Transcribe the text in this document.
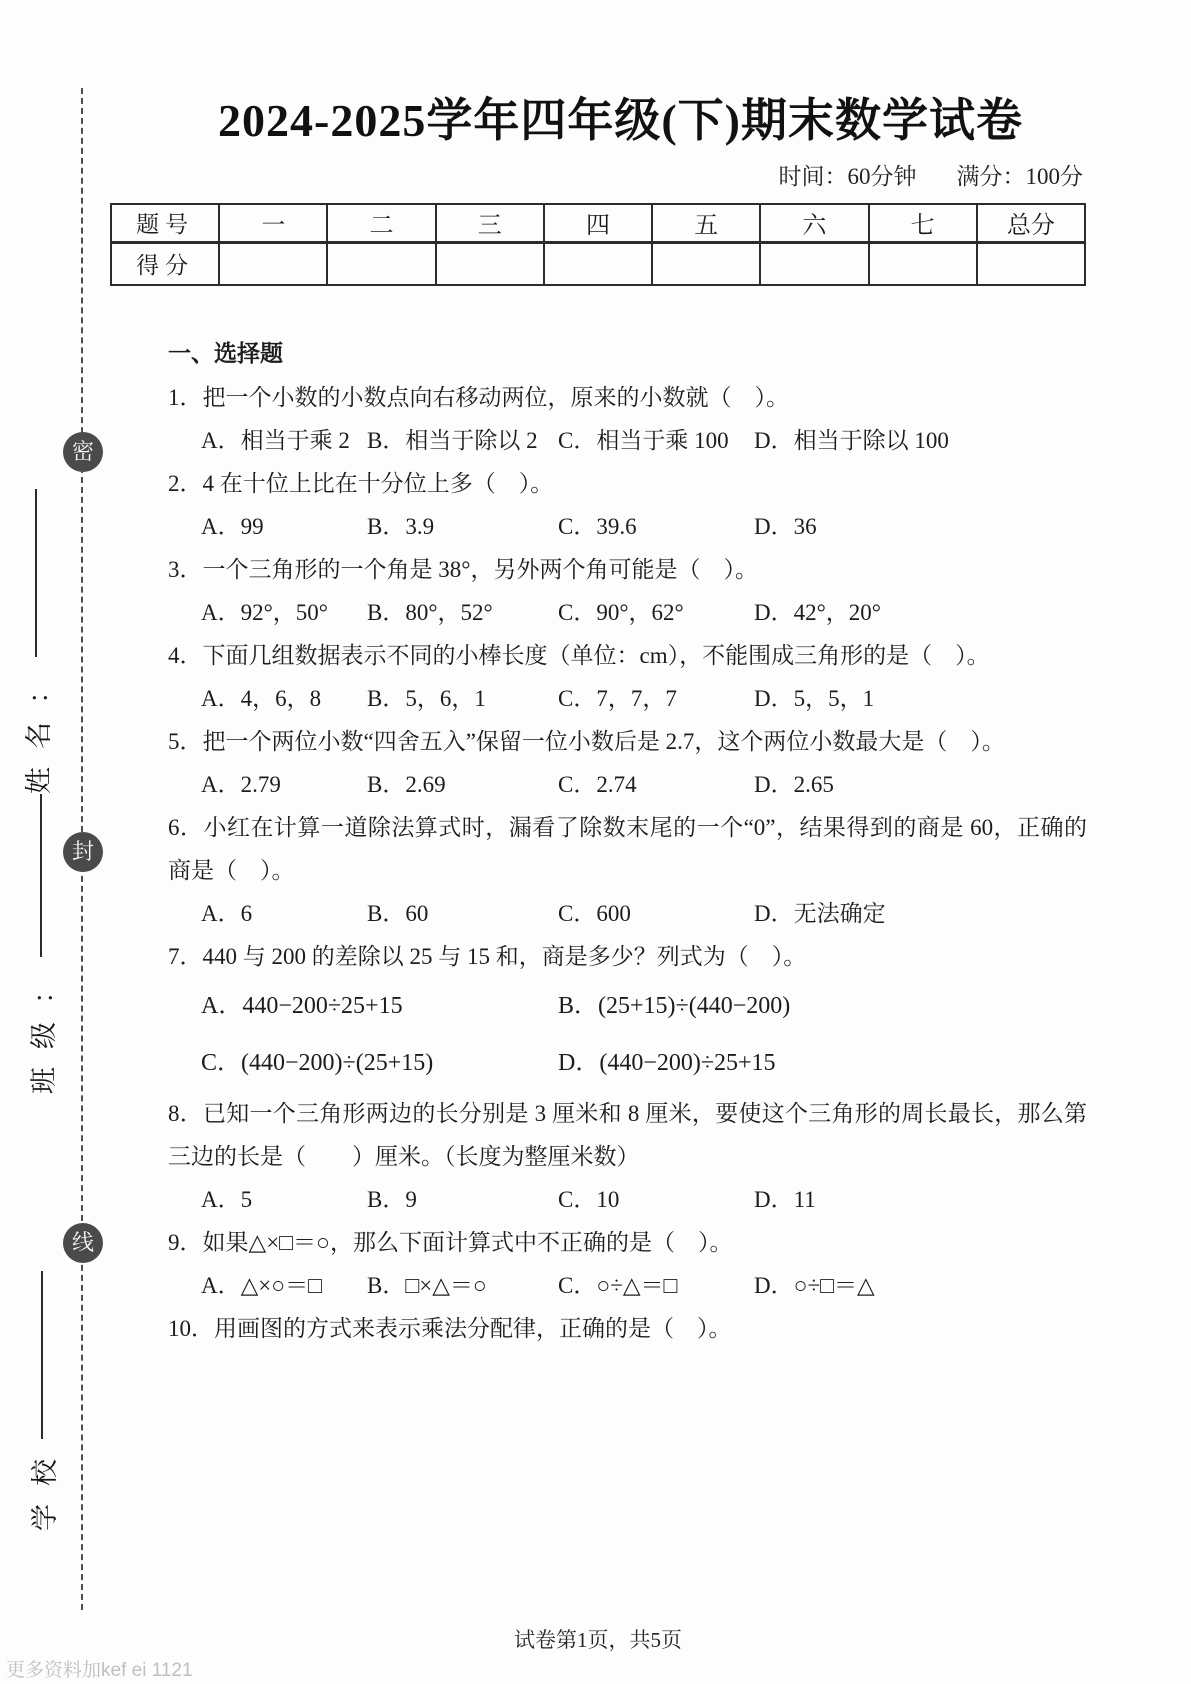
密
封
线
姓名：
班级：
学校
2024-2025学年四年级(下)期末数学试卷
时间：60分钟 满分：100分
题号	一	二	三	四	五	六	七	总分
得分								
一、选择题

1．把一个小数的小数点向右移动两位，原来的小数就（　）。

A．相当于乘 2 B．相当于除以 2 C．相当于乘 100	D．相当于除以 100

2．4 在十位上比在十分位上多（　）。

A．99	B．3.9	C．39.6	D．36

3．一个三角形的一个角是 38°，另外两个角可能是（　）。

A．92°，50°	B．80°，52°	C．90°，62°	D．42°，20°

4．下面几组数据表示不同的小棒长度（单位：cm），不能围成三角形的是（　）。

A．4，6，8	B．5，6，1	C．7，7，7	D．5，5，1

5．把一个两位小数“四舍五入”保留一位小数后是 2.7，这个两位小数最大是（　）。

A．2.79	B．2.69	C．2.74	D．2.65

6．小红在计算一道除法算式时，漏看了除数末尾的一个“0”，结果得到的商是 60，正确的商是（　）。

A．6	B．60	C．600	D．无法确定

7．440 与 200 的差除以 25 与 15 和，商是多少？列式为（　）。

A．440−200÷25+15	B．(25+15)÷(440−200)
C．(440−200)÷(25+15)	D．(440−200)÷25+15

8．已知一个三角形两边的长分别是 3 厘米和 8 厘米，要使这个三角形的周长最长，那么第三边的长是（　　）厘米。（长度为整厘米数）

A．5	B．9	C．10	D．11

9．如果△×□＝○，那么下面计算式中不正确的是（　）。

A．△×○＝□	B．□×△＝○	C．○÷△＝□	D．○÷□＝△

10．用画图的方式来表示乘法分配律，正确的是（　）。

试卷第1页，共5页
更多资料加kef ei 1121
